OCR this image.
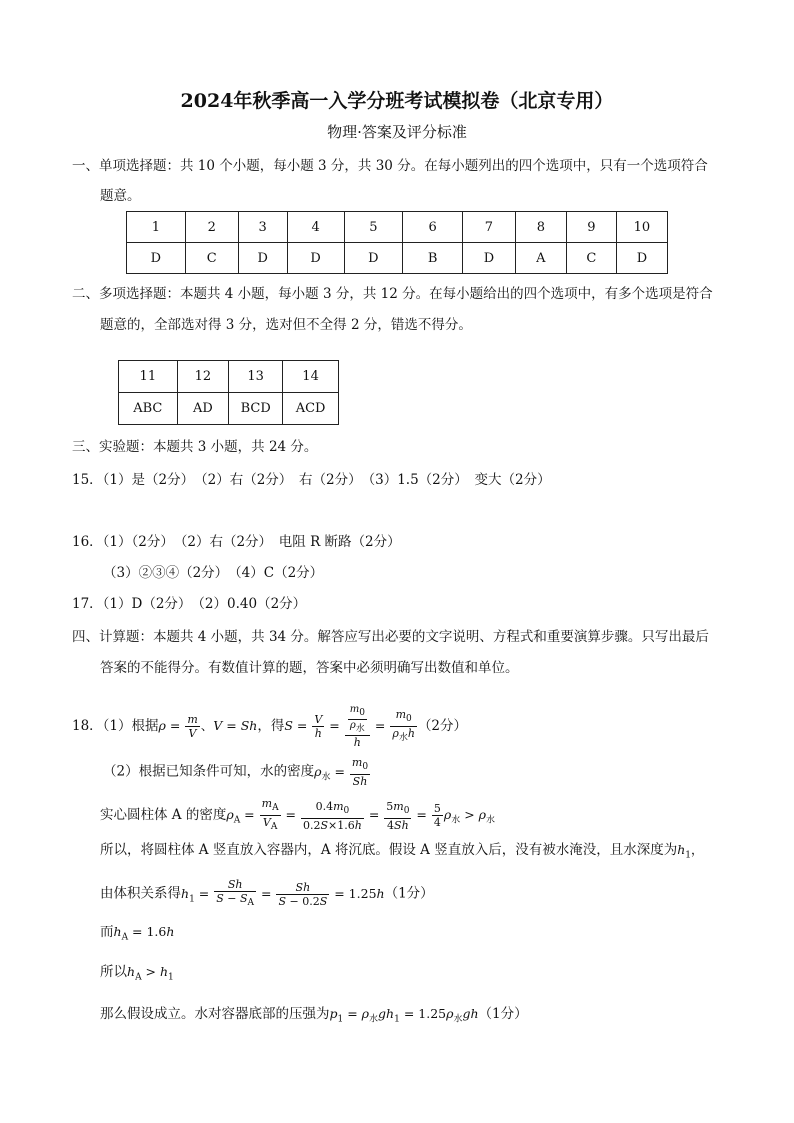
2024年秋季高一入学分班考试模拟卷（北京专用）
物理·答案及评分标准
一、单项选择题：共 10 个小题，每小题 3 分，共 30 分。在每小题列出的四个选项中，只有一个选项符合
题意。
1	2	3	4	5	6	7	8	9	10
D	C	D	D	D	B	D	A	C	D
二、多项选择题：本题共 4 小题，每小题 3 分，共 12 分。在每小题给出的四个选项中，有多个选项是符合
题意的，全部选对得 3 分，选对但不全得 2 分，错选不得分。
11	12	13	14
ABC	AD	BCD	ACD
三、实验题：本题共 3 小题，共 24 分。
15．（1）是（2分）　（2）右（2分）　右（2分）　（3）1.5（2分）　变大（2分）
16．（1）（2分）　（2）右（2分）　电阻 R 断路（2分）
（3）②③④（2分）　（4）C（2分）
17．（1）D（2分）　（2）0.40（2分）
四、计算题：本题共 4 小题，共 34 分。解答应写出必要的文字说明、方程式和重要演算步骤。只写出最后
答案的不能得分。有数值计算的题，答案中必须明确写出数值和单位。
18．（1）根据$\rho = \frac{m}{V}$ 、V = Sh，得$S = \frac{V}{h} = \frac{\frac{m_0}{\rho_水}}{h} = \frac{m_0}{\rho_水h} (2$分）
（2）根据已知条件可知，水的密度$\rho_水 = \frac{m_0}{Sh}$
实心圆柱体 A 的密度$\rho_A = \frac{m_A}{V_A} = \frac{0.4m_0}{0.2S\times 1.6h} = \frac{5m_0}{4Sh} = \frac{5}{4} \rho_水 > \rho_水$
所以，将圆柱体 A 竖直放入容器内，A 将沉底。假设 A 竖直放入后，没有被水淹没，且水深度为$h_1$，
由体积关系得$h_1 = \frac{Sh}{S - S_A} = \frac{Sh}{S - 0.2S} = 1.25h(1$分）
而$h_A = 1.6h$
所以$h_A > h_1$
那么假设成立。水对容器底部的压强为$p_1 = \rho_水gh_1 = 1.25\rho_水gh(1$分）
